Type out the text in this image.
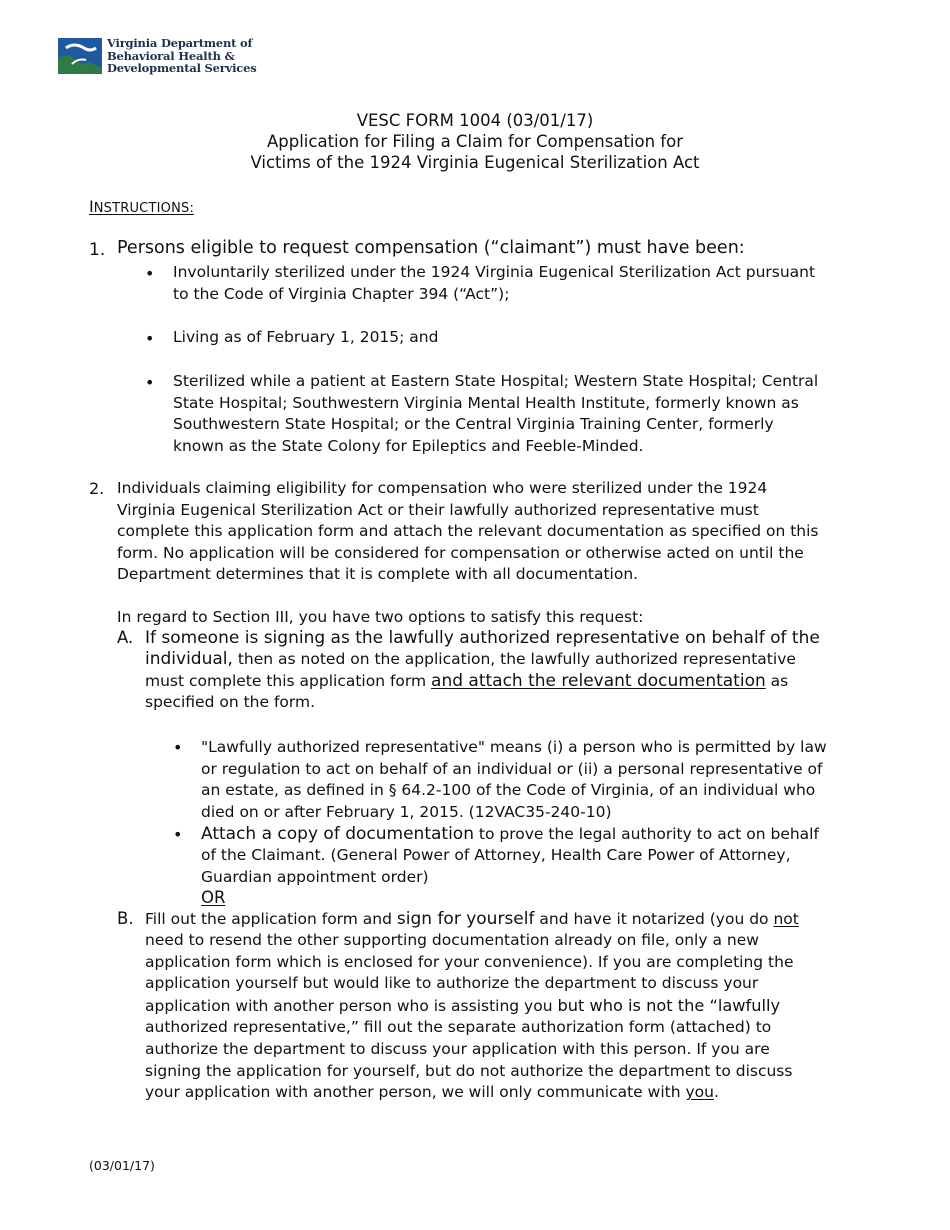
Virginia Department of
Behavioral Health &
Developmental Services
VESC FORM 1004 (03/01/17)
Application for Filing a Claim for Compensation for
Victims of the 1924 Virginia Eugenical Sterilization Act
INSTRUCTIONS:
1. Persons eligible to request compensation (“claimant”) must have been:
• Involuntarily sterilized under the 1924 Virginia Eugenical Sterilization Act pursuant
to the Code of Virginia Chapter 394 (“Act”);
• Living as of February 1, 2015; and
• Sterilized while a patient at Eastern State Hospital; Western State Hospital; Central
State Hospital; Southwestern Virginia Mental Health Institute, formerly known as
Southwestern State Hospital; or the Central Virginia Training Center, formerly
known as the State Colony for Epileptics and Feeble-Minded.
2. Individuals claiming eligibility for compensation who were sterilized under the 1924
Virginia Eugenical Sterilization Act or their lawfully authorized representative must
complete this application form and attach the relevant documentation as specified on this
form. No application will be considered for compensation or otherwise acted on until the
Department determines that it is complete with all documentation.
In regard to Section III, you have two options to satisfy this request:
A. If someone is signing as the lawfully authorized representative on behalf of the
individual, then as noted on the application, the lawfully authorized representative
must complete this application form and attach the relevant documentation as
specified on the form.
• "Lawfully authorized representative" means (i) a person who is permitted by law
or regulation to act on behalf of an individual or (ii) a personal representative of
an estate, as defined in § 64.2-100 of the Code of Virginia, of an individual who
died on or after February 1, 2015. (12VAC35-240-10)
• Attach a copy of documentation to prove the legal authority to act on behalf
of the Claimant. (General Power of Attorney, Health Care Power of Attorney,
Guardian appointment order)
OR
B. Fill out the application form and sign for yourself and have it notarized (you do not
need to resend the other supporting documentation already on file, only a new
application form which is enclosed for your convenience). If you are completing the
application yourself but would like to authorize the department to discuss your
application with another person who is assisting you but who is not the “lawfully
authorized representative,” fill out the separate authorization form (attached) to
authorize the department to discuss your application with this person. If you are
signing the application for yourself, but do not authorize the department to discuss
your application with another person, we will only communicate with you.
(03/01/17)
